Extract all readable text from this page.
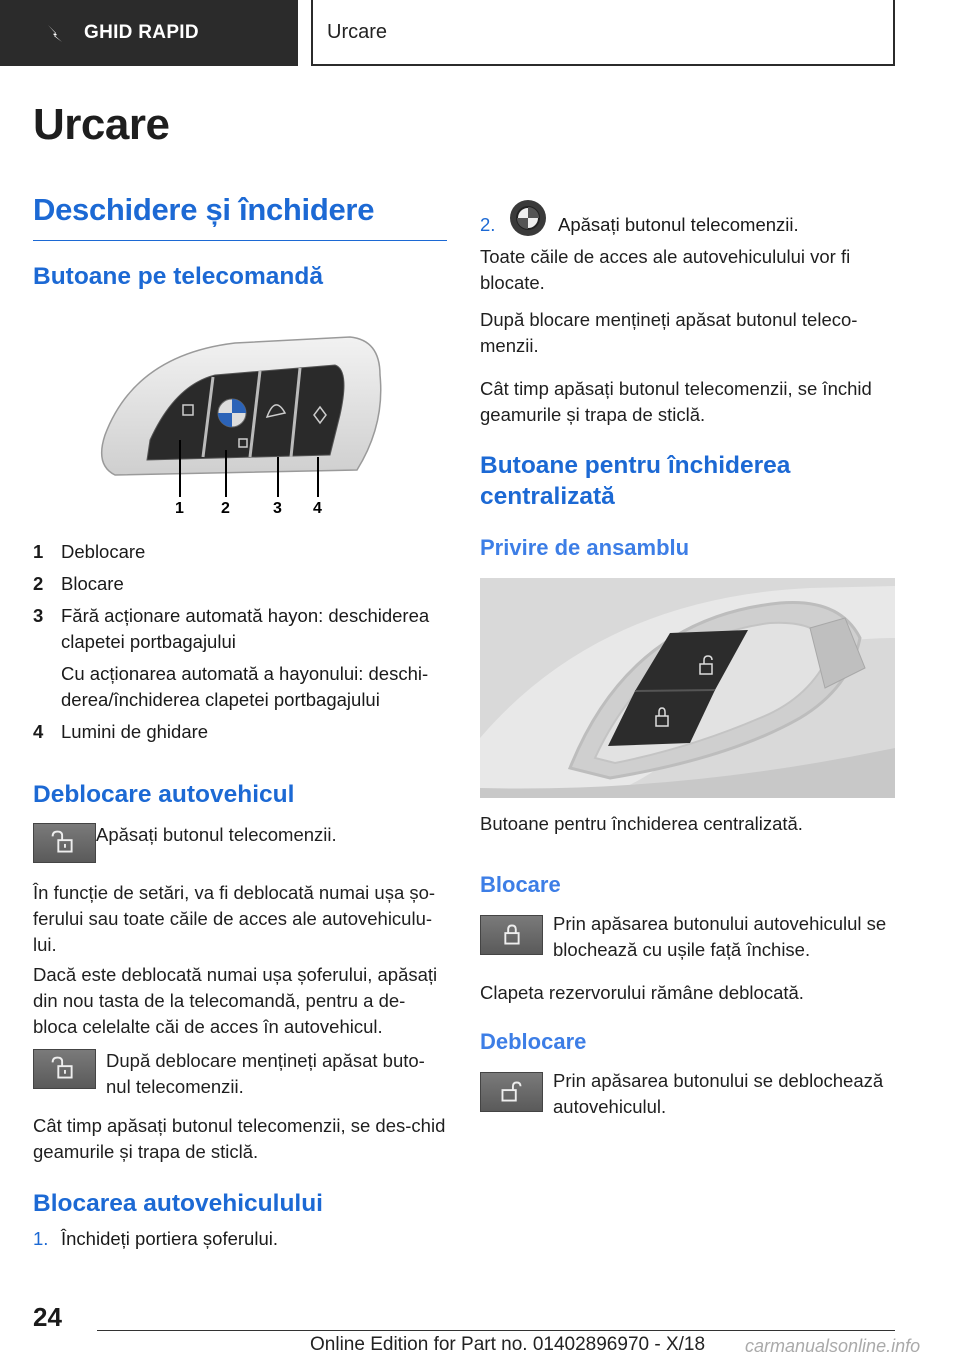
GHID RAPID	Urcare
Urcare
Deschidere și închidere
Butoane pe telecomandă
1 2	3 4
1 Deblocare
2 Blocare
3 Fără acționare automată hayon: deschiderea clapetei portbagajului
Cu acționarea automată a hayonului: deschi-derea/închiderea clapetei portbagajului
4 Lumini de ghidare
Deblocare autovehicul
Apăsați butonul telecomenzii.
În funcție de setări, va fi deblocată numai ușa șo-ferului sau toate căile de acces ale autovehiculu-lui.
Dacă este deblocată numai ușa șoferului, apăsați din nou tasta de la telecomandă, pentru a de-bloca celelalte căi de acces în autovehicul.
După deblocare mențineți apăsat buto-nul telecomenzii.
Cât timp apăsați butonul telecomenzii, se des-chid geamurile și trapa de sticlă.
Blocarea autovehiculului
1. Închideți portiera șoferului.
2.	Apăsați butonul telecomenzii.
Toate căile de acces ale autovehiculului vor fi blocate.
După blocare mențineți apăsat butonul teleco-menzii.
Cât timp apăsați butonul telecomenzii, se închid geamurile și trapa de sticlă.
Butoane pentru închiderea centralizată
Privire de ansamblu
Butoane pentru închiderea centralizată.
Blocare
Prin apăsarea butonului autovehiculul se blochează cu ușile față închise.
Clapeta rezervorului rămâne deblocată.
Deblocare
Prin apăsarea butonului se deblochează autovehiculul.
24
Online Edition for Part no. 01402896970 - X/18 carmanualsonline.info
